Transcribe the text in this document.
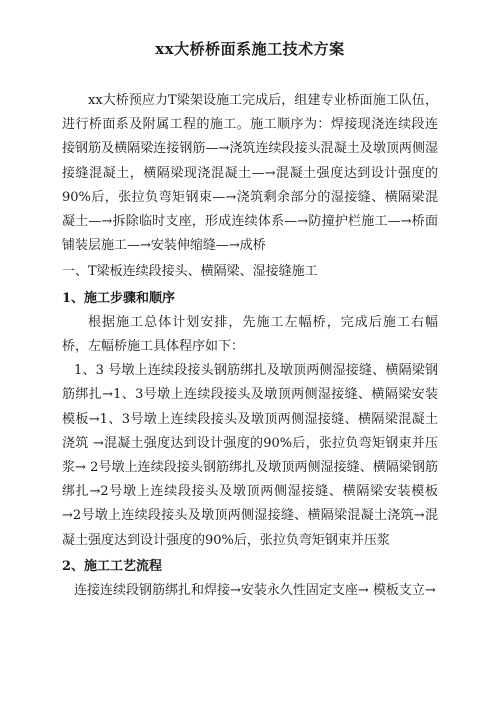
xx大桥桥面系施工技术方案

xx大桥预应力T梁架设施工完成后，组建专业桥面施工队伍，进行桥面系及附属工程的施工。施工顺序为：焊接现浇连续段连接钢筋及横隔梁连接钢筋—→浇筑连续段接头混凝土及墩顶两侧湿接缝混凝土，横隔梁现浇混凝土—→混凝土强度达到设计强度的90%后，张拉负弯矩钢束—→浇筑剩余部分的湿接缝、横隔梁混凝土—→拆除临时支座，形成连续体系—→防撞护栏施工—→桥面铺装层施工—→安装伸缩缝—→成桥

一、T梁板连续段接头、横隔梁、湿接缝施工

1、施工步骤和顺序

根据施工总体计划安排，先施工左幅桥，完成后施工右幅桥，左幅桥施工具体程序如下：

1、3 号墩上连续段接头钢筋绑扎及墩顶两侧湿接缝、横隔梁钢筋绑扎→1、3号墩上连续段接头及墩顶两侧湿接缝、横隔梁安装模板→1、3号墩上连续段接头及墩顶两侧湿接缝、横隔梁混凝土浇筑 →混凝土强度达到设计强度的90%后，张拉负弯矩钢束并压浆→ 2号墩上连续段接头钢筋绑扎及墩顶两侧湿接缝、横隔梁钢筋绑扎→2号墩上连续段接头及墩顶两侧湿接缝、横隔梁安装模板→2号墩上连续段接头及墩顶两侧湿接缝、横隔梁混凝土浇筑→混凝土强度达到设计强度的90%后，张拉负弯矩钢束并压浆

2、施工工艺流程

连接连续段钢筋绑扎和焊接→安装永久性固定支座→ 模板支立→
